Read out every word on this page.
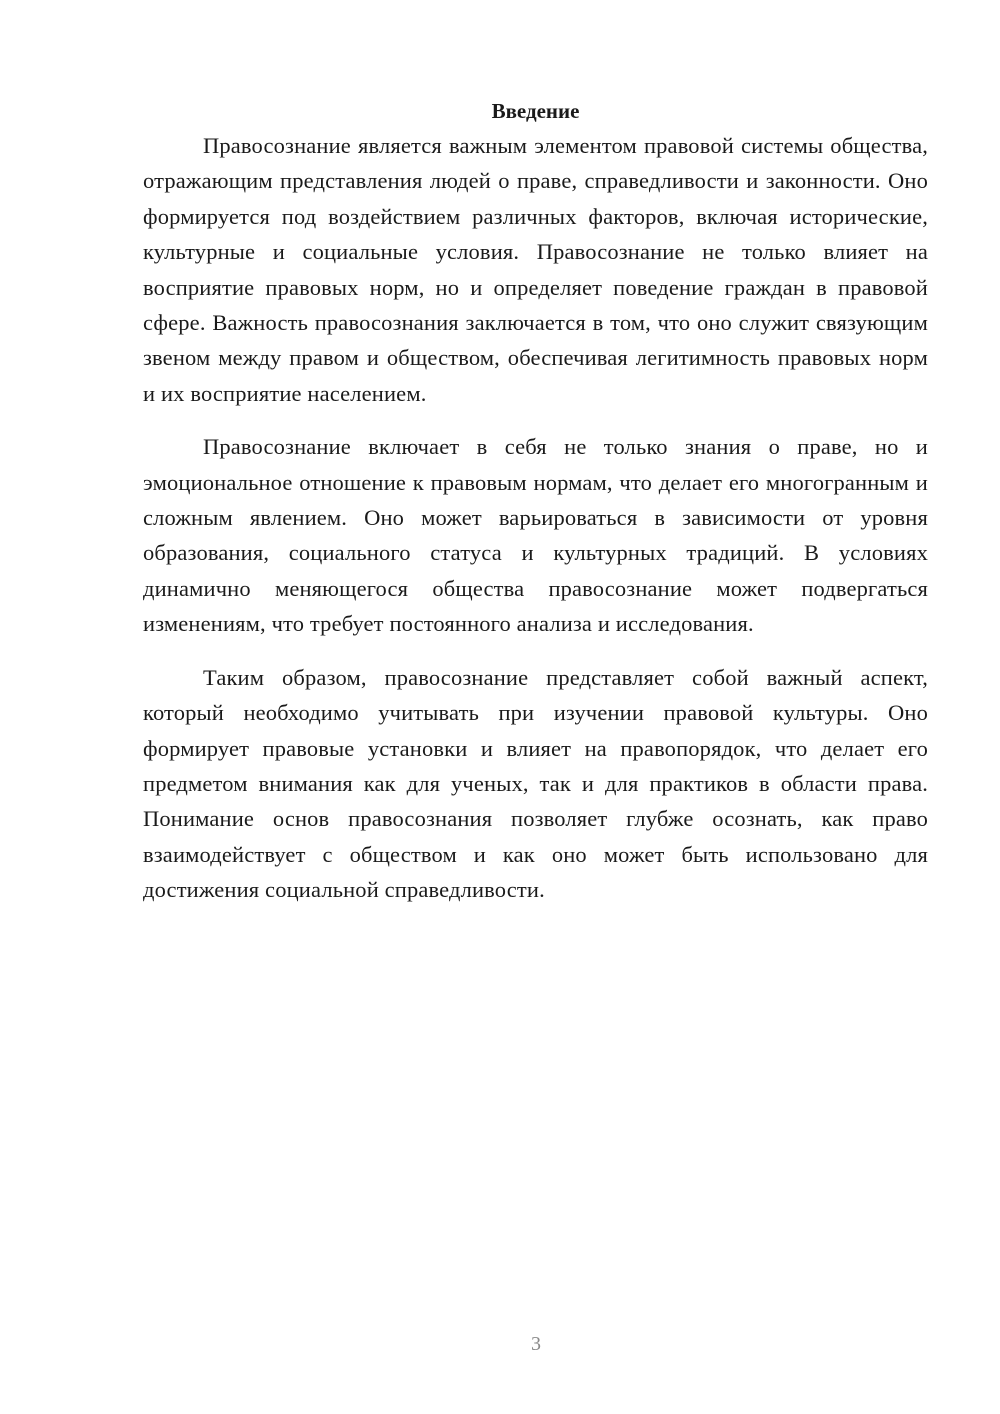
Введение

Правосознание является важным элементом правовой системы общества, отражающим представления людей о праве, справедливости и законности. Оно формируется под воздействием различных факторов, включая исторические, культурные и социальные условия. Правосознание не только влияет на восприятие правовых норм, но и определяет поведение граждан в правовой сфере. Важность правосознания заключается в том, что оно служит связующим звеном между правом и обществом, обеспечивая легитимность правовых норм и их восприятие населением.

Правосознание включает в себя не только знания о праве, но и эмоциональное отношение к правовым нормам, что делает его многогранным и сложным явлением. Оно может варьироваться в зависимости от уровня образования, социального статуса и культурных традиций. В условиях динамично меняющегося общества правосознание может подвергаться изменениям, что требует постоянного анализа и исследования.

Таким образом, правосознание представляет собой важный аспект, который необходимо учитывать при изучении правовой культуры. Оно формирует правовые установки и влияет на правопорядок, что делает его предметом внимания как для ученых, так и для практиков в области права. Понимание основ правосознания позволяет глубже осознать, как право взаимодействует с обществом и как оно может быть использовано для достижения социальной справедливости.

3
